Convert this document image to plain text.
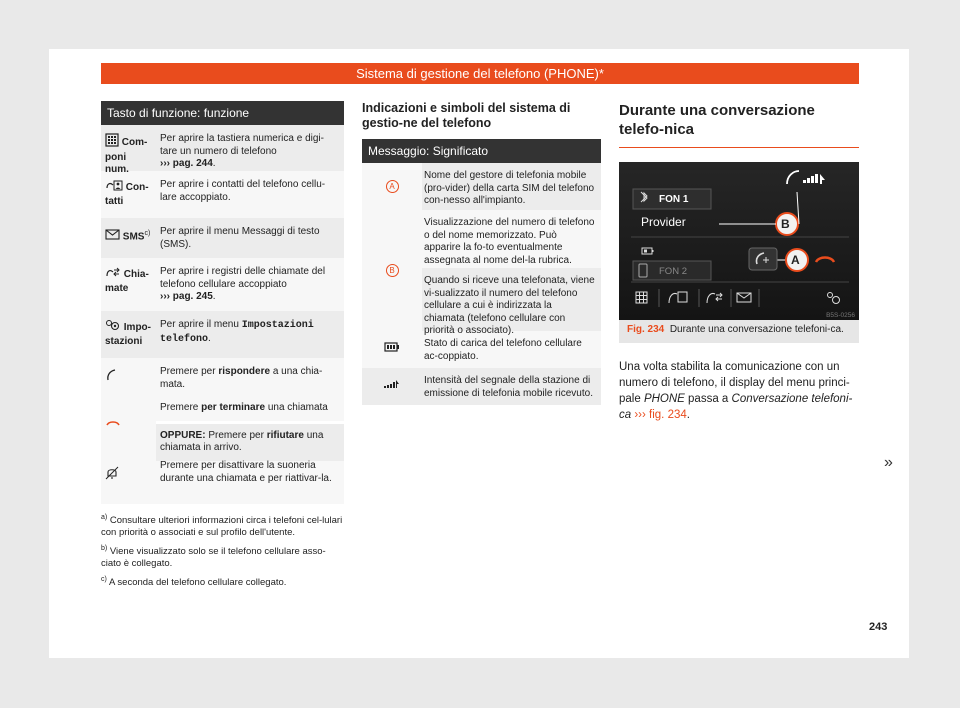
Sistema di gestione del telefono (PHONE)*
Tasto di funzione: funzione
Com-
poni num.
Per aprire la tastiera numerica e digi-tare un numero di telefono
››› pag. 244.
Con-
tatti
Per aprire i contatti del telefono cellu-lare accoppiato.
SMS$^{c)}$ Per aprire il menu Messaggi di testo (SMS).
Chia-
mate
Per aprire i registri delle chiamate del telefono cellulare accoppiato
››› pag. 245.
Impo-
stazioni
Per aprire il menu Impostazioni telefono.
Premere per rispondere a una chia-mata.
Premere per terminare una chiamata
OPPURE: Premere per rifiutare una chiamata in arrivo.
Premere per disattivare la suoneria durante una chiamata e per riattivar-la.

$^{a)}$ Consultare ulteriori informazioni circa i telefoni cel-lulari con priorità o associati e sul profilo dell'utente.

$^{b)}$ Viene visualizzato solo se il telefono cellulare asso-ciato è collegato.

$^{c)}$ A seconda del telefono cellulare collegato.

Indicazioni e simboli del sistema di gestio-ne del telefono
Messaggio: Significato
A
Nome del gestore di telefonia mobile (pro-vider) della carta SIM del telefono con-nesso all'impianto.
B
Visualizzazione del numero di telefono o del nome memorizzato. Può apparire la fo-to eventualmente assegnata al nome del-la rubrica.
Quando si riceve una telefonata, viene vi-sualizzato il numero del telefono cellulare a cui è indirizzata la chiamata (telefono cellulare con priorità o associato).
Stato di carica del telefono cellulare ac-coppiato.
Intensità del segnale della stazione di emissione di telefonia mobile ricevuto.
Durante una conversazione telefo-nica
FON 1
Provider
FON 2
B
A
B5S-0256
Fig. 234 Durante una conversazione telefoni-ca.
Una volta stabilita la comunicazione con un numero di telefono, il display del menu princi-pale PHONE passa a Conversazione telefoni-ca ››› fig. 234.
»
243
